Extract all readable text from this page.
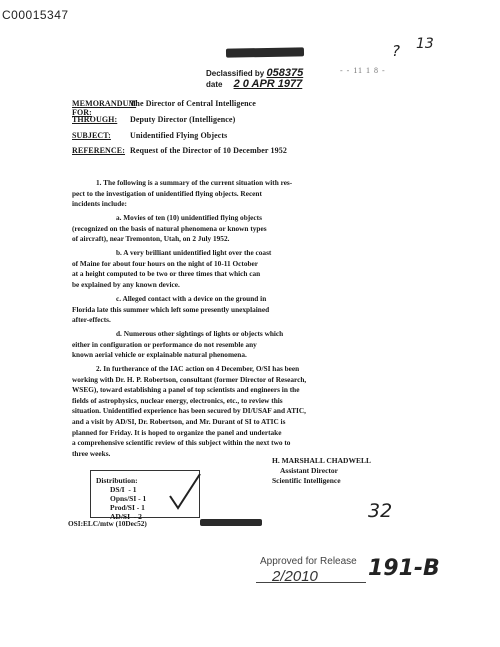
C00015347
? 13
Declassified by 058375
date 2 0 APR 1977
- - 11 1 8 -
MEMORANDUM FOR:
The Director of Central Intelligence
THROUGH: Deputy Director (Intelligence)
SUBJECT: Unidentified Flying Objects
REFERENCE: Request of the Director of 10 December 1952
1. The following is a summary of the current situation with res-
pect to the investigation of unidentified flying objects. Recent
incidents include:
a. Movies of ten (10) unidentified flying objects
(recognized on the basis of natural phenomena or known types
of aircraft), near Tremonton, Utah, on 2 July 1952.
b. A very brilliant unidentified light over the coast
of Maine for about four hours on the night of 10-11 October
at a height computed to be two or three times that which can
be explained by any known device.
c. Alleged contact with a device on the ground in
Florida late this summer which left some presently unexplained
after-effects.
d. Numerous other sightings of lights or objects which
either in configuration or performance do not resemble any
known aerial vehicle or explainable natural phenomena.
2. In furtherance of the IAC action on 4 December, O/SI has been
working with Dr. H. P. Robertson, consultant (former Director of Research,
WSEG), toward establishing a panel of top scientists and engineers in the
fields of astrophysics, nuclear energy, electronics, etc., to review this
situation. Unidentified experience has been secured by DI/USAF and ATIC,
and a visit by AD/SI, Dr. Robertson, and Mr. Durant of SI to ATIC is
planned for Friday. It is hoped to organize the panel and undertake
a comprehensive scientific review of this subject within the next two to
three weeks.
H. MARSHALL CHADWELL
Assistant Director
Scientific Intelligence
Distribution:
DS/I  - 1
Opns/SI - 1
Prod/SI - 1
AD/SI  - 2
OSI:ELC/mtw (10Dec52)
32
Approved for Release
2/2010 191-B
